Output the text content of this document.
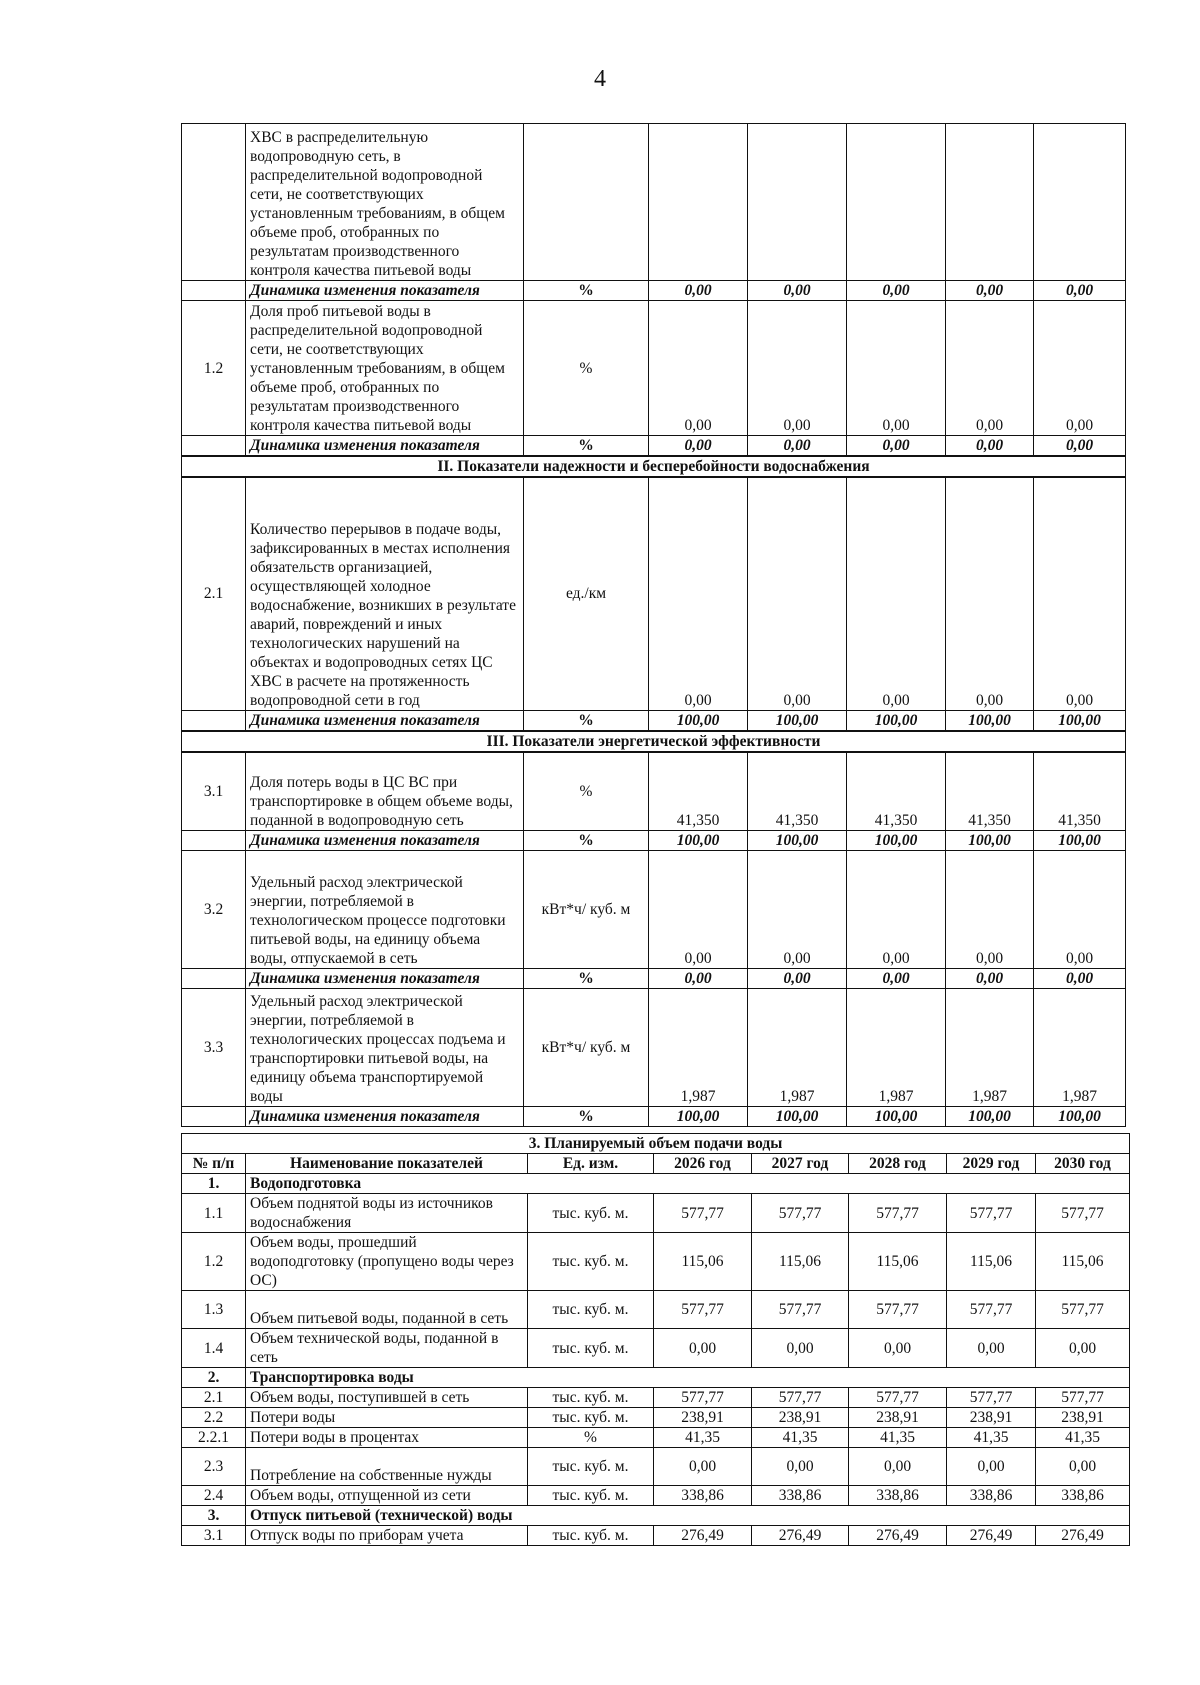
4
	ХВС в распределительную водопроводную сеть, в распределительной водопроводной сети, не соответствующих установленным требованиям, в общем объеме проб, отобранных по результатам производственного контроля качества питьевой воды						
	Динамика изменения показателя	%	0,00	0,00	0,00	0,00	0,00
1.2	Доля проб питьевой воды в распределительной водопроводной сети, не соответствующих установленным требованиям, в общем объеме проб, отобранных по результатам производственного контроля качества питьевой воды	%	0,00	0,00	0,00	0,00	0,00
	Динамика изменения показателя	%	0,00	0,00	0,00	0,00	0,00
II. Показатели надежности и бесперебойности водоснабжения							
2.1	Количество перерывов в подаче воды, зафиксированных в местах исполнения обязательств организацией, осуществляющей холодное водоснабжение, возникших в результате аварий, повреждений и иных технологических нарушений на объектах и водопроводных сетях ЦС ХВС в расчете на протяженность водопроводной сети в год	ед./км	0,00	0,00	0,00	0,00	0,00
	Динамика изменения показателя	%	100,00	100,00	100,00	100,00	100,00
III. Показатели энергетической эффективности							
3.1	Доля потерь воды в ЦС ВС при транспортировке в общем объеме воды, поданной в водопроводную сеть	%	41,350	41,350	41,350	41,350	41,350
	Динамика изменения показателя	%	100,00	100,00	100,00	100,00	100,00
3.2	Удельный расход электрической энергии, потребляемой в технологическом процессе подготовки питьевой воды, на единицу объема воды, отпускаемой в сеть	кВт*ч/ куб. м	0,00	0,00	0,00	0,00	0,00
	Динамика изменения показателя	%	0,00	0,00	0,00	0,00	0,00
3.3	Удельный расход электрической энергии, потребляемой в технологических процессах подъема и транспортировки питьевой воды, на единицу объема транспортируемой воды	кВт*ч/ куб. м	1,987	1,987	1,987	1,987	1,987
	Динамика изменения показателя	%	100,00	100,00	100,00	100,00	100,00
3. Планируемый объем подачи воды							
№ п/п	Наименование показателей	Ед. изм.	2026 год	2027 год	2028 год	2029 год	2030 год
1.	Водоподготовка						
1.1	Объем поднятой воды из источников водоснабжения	тыс. куб. м.	577,77	577,77	577,77	577,77	577,77
1.2	Объем воды, прошедший водоподготовку (пропущено воды через ОС)	тыс. куб. м.	115,06	115,06	115,06	115,06	115,06
1.3	Объем питьевой воды, поданной в сеть	тыс. куб. м.	577,77	577,77	577,77	577,77	577,77
1.4	Объем технической воды, поданной в сеть	тыс. куб. м.	0,00	0,00	0,00	0,00	0,00
2.	Транспортировка воды						
2.1	Объем воды, поступившей в сеть	тыс. куб. м.	577,77	577,77	577,77	577,77	577,77
2.2	Потери воды	тыс. куб. м.	238,91	238,91	238,91	238,91	238,91
2.2.1	Потери воды в процентах	%	41,35	41,35	41,35	41,35	41,35
2.3	Потребление на собственные нужды	тыс. куб. м.	0,00	0,00	0,00	0,00	0,00
2.4	Объем воды, отпущенной из сети	тыс. куб. м.	338,86	338,86	338,86	338,86	338,86
3.	Отпуск питьевой (технической) воды						
3.1	Отпуск воды по приборам учета	тыс. куб. м.	276,49	276,49	276,49	276,49	276,49
